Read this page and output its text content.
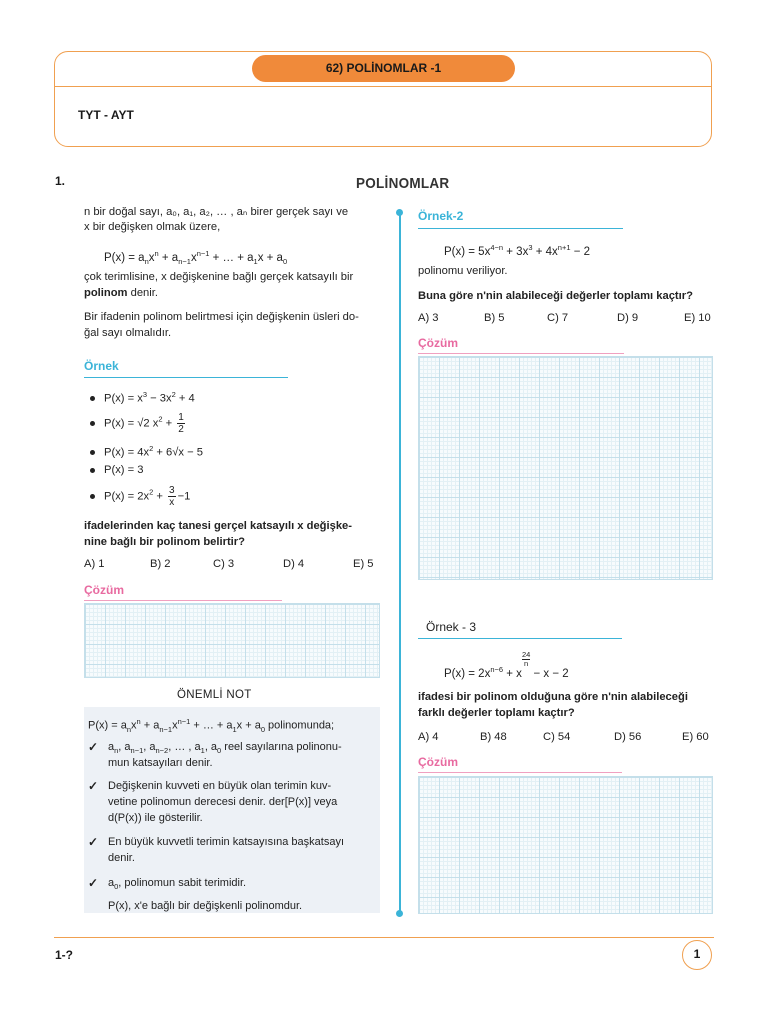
62) POLİNOMLAR -1
TYT - AYT
1.	POLİNOMLAR
n bir doğal sayı, a₀, a₁, a₂, … , aₙ birer gerçek sayı ve
x bir değişken olmak üzere,
$P(x) = a_nx^n + a_{n-1}x^{n-1}$ + … + $a_1x + a_0$
çok terimlisine, x değişkenine bağlı gerçek katsayılı bir
polinom denir.
Bir ifadenin polinom belirtmesi için değişkenin üsleri do-
ğal sayı olmalıdır.
Örnek
$P(x) = x^3 - 3x^2 + 4$
P(x) = √2 $x^2 + \frac{1}{2}$
$P(x) = 4x^2 + 6√x - 5$
P(x) = 3
$P(x) = 2x^2 + \frac{3}{x} -1$
ifadelerinden kaç tanesi gerçel katsayılı x değişke-
nine bağlı bir polinom belirtir?
A) 1	B) 2	C) 3	D) 4	E) 5
Çözüm
ÖNEMLİ NOT
$P(x) = a_nx^n + a_{n-1}x^{n-1}$ + … + $a_1x + a_0$ polinomunda;
✓ $a_n$, $a_{n-1}$, $a_{n-2}$, … , $a_1$, $a_0$ reel sayılarına polinonu-
mun katsayıları denir.
✓ Değişkenin kuvveti en büyük olan terimin kuv-
vetine polinomun derecesi denir. der[P(x)] veya
d(P(x)) ile gösterilir.
✓ En büyük kuvvetli terimin katsayısına başkatsayı
denir.
✓ $a_0$, polinomun sabit terimidir.
P(x), x'e bağlı bir değişkenli polinomdur.
Örnek-2
$P(x) = 5x^{4-n} + 3x^3 + 4x^{n+1} - 2$
polinomu veriliyor.
Buna göre n'nin alabileceği değerler toplamı kaçtır?
A) 3	B) 5	C) 7	D) 9	E) 10
Çözüm
Örnek - 3
$P(x) = 2x^{n-6} + x$
$\frac{24}{n}$
− x − 2
ifadesi bir polinom olduğuna göre n'nin alabileceği
farklı değerler toplamı kaçtır?
A) 4	B) 48	C) 54	D) 56	E) 60
Çözüm
1-?	1
